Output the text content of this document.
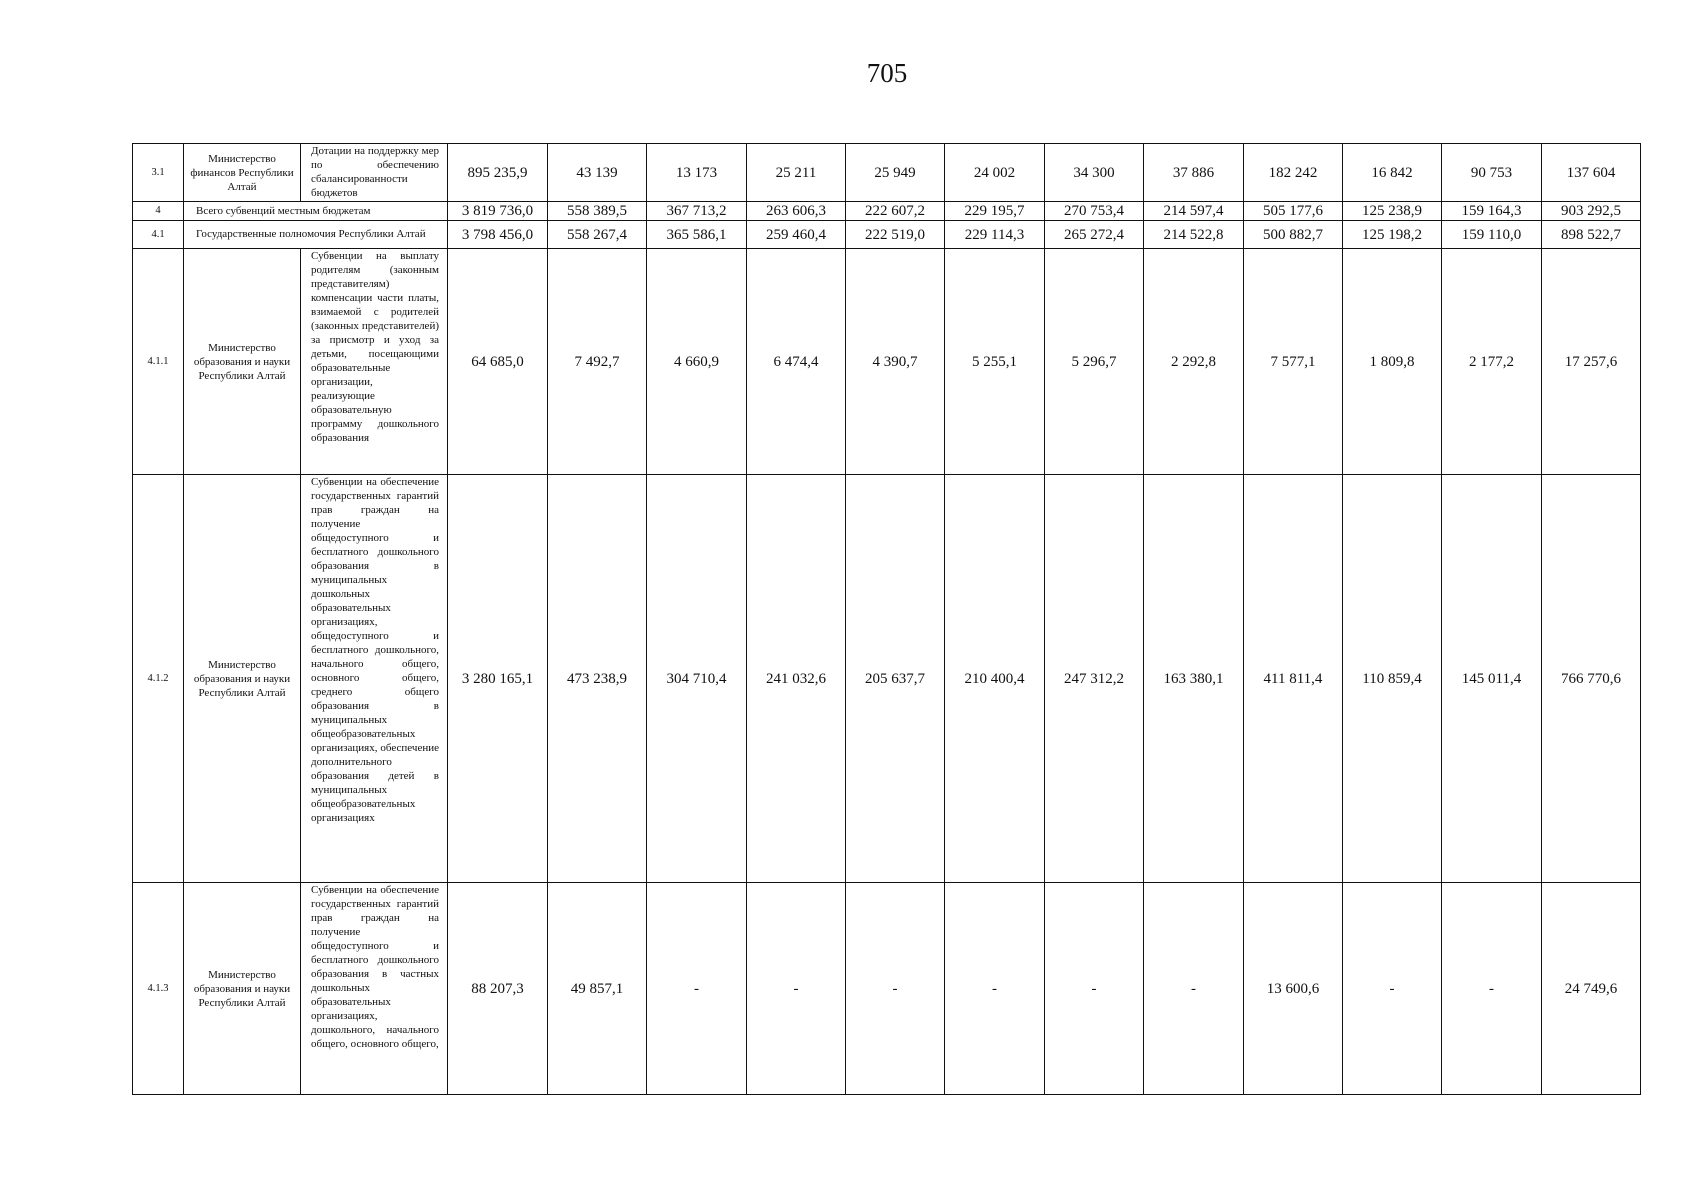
705
3.1	Министерство финансов Республики Алтай	Дотации на поддержку мер по обеспечению сбалансированности бюджетов	895 235,9	43 139	13 173	25 211	25 949	24 002	34 300	37 886	182 242	16 842	90 753	137 604
4	Всего субвенций местным бюджетам		3 819 736,0	558 389,5	367 713,2	263 606,3	222 607,2	229 195,7	270 753,4	214 597,4	505 177,6	125 238,9	159 164,3	903 292,5
4.1	Государственные полномочия Республики Алтай		3 798 456,0	558 267,4	365 586,1	259 460,4	222 519,0	229 114,3	265 272,4	214 522,8	500 882,7	125 198,2	159 110,0	898 522,7
4.1.1	Министерство образования и науки Республики Алтай	Субвенции на выплату родителям (законным представителям) компенсации части платы, взимаемой с родителей (законных представителей) за присмотр и уход за детьми, посещающими образовательные организации, реализующие образовательную программу дошкольного образования	64 685,0	7 492,7	4 660,9	6 474,4	4 390,7	5 255,1	5 296,7	2 292,8	7 577,1	1 809,8	2 177,2	17 257,6
4.1.2	Министерство образования и науки Республики Алтай	Субвенции на обеспечение государственных гарантий прав граждан на получение общедоступного и бесплатного дошкольного образования в муниципальных дошкольных образовательных организациях, общедоступного и бесплатного дошкольного, начального общего, основного общего, среднего общего образования в муниципальных общеобразовательных организациях, обеспечение дополнительного образования детей в муниципальных общеобразовательных организациях	3 280 165,1	473 238,9	304 710,4	241 032,6	205 637,7	210 400,4	247 312,2	163 380,1	411 811,4	110 859,4	145 011,4	766 770,6
4.1.3	Министерство образования и науки Республики Алтай	Субвенции на обеспечение государственных гарантий прав граждан на получение общедоступного и бесплатного дошкольного образования в частных дошкольных образовательных организациях, дошкольного, начального общего, основного общего,	88 207,3	49 857,1	-	-	-	-	-	-	13 600,6	-	-	24 749,6
